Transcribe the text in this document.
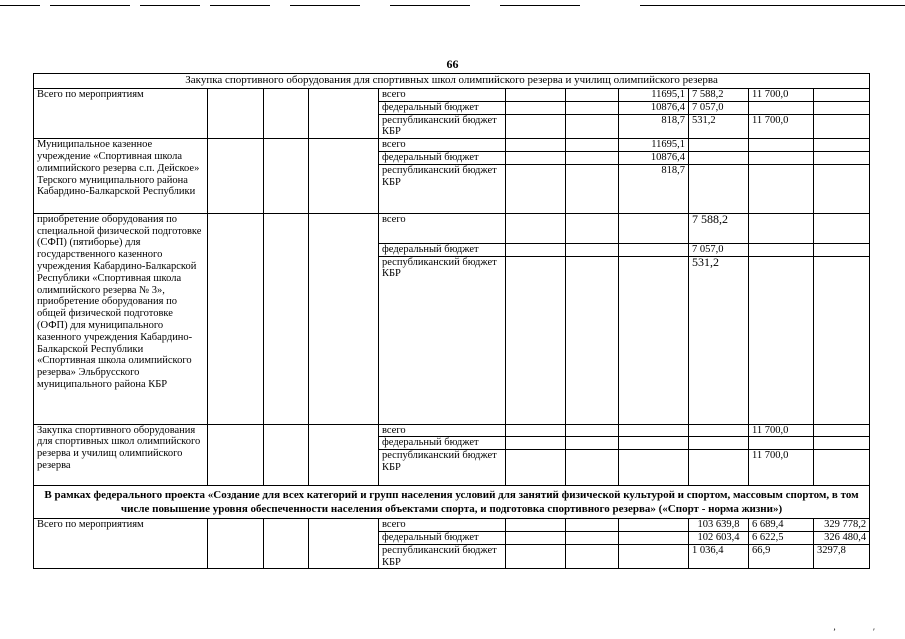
66
Закупка спортивного оборудования для спортивных школ олимпийского резерва и училищ олимпийского резерва										
Всего по мероприятиям				всего			11695,1	7 588,2	11 700,0	
				федеральный бюджет			10876,4	7 057,0		
				республиканский бюджет КБР			818,7	531,2	11 700,0	
Муниципальное казенное учреждение «Спортивная школа олимпийского резерва с.п. Дейское» Терского муниципального района Кабардино-Балкарской Республики				всего			11695,1			
				федеральный бюджет			10876,4			
				республиканский бюджет КБР			818,7			
приобретение оборудования по специальной физической подготовке (СФП) (пятиборье) для государственного казенного учреждения Кабардино-Балкарской Республики «Спортивная школа олимпийского резерва № 3», приобретение оборудования по общей физической подготовке (ОФП) для муниципального казенного учреждения Кабардино-Балкарской Республики «Спортивная школа олимпийского резерва» Эльбрусского муниципального района КБР				всего				7 588,2		
				федеральный бюджет				7 057,0		
				республиканский бюджет КБР				531,2		
Закупка спортивного оборудования для спортивных школ олимпийского резерва и училищ олимпийского резерва				всего					11 700,0	
				федеральный бюджет						
				республиканский бюджет КБР					11 700,0	
В рамках федерального проекта «Создание для всех категорий и групп населения условий для занятий физической культурой и спортом, массовым спортом, в том числе повышение уровня обеспеченности населения объектами спорта, и подготовка спортивного резерва» («Спорт - норма жизни»)										
Всего по мероприятиям				всего				103 639,8	6 689,4	329 778,2
				федеральный бюджет				102 603,4	6 622,5	326 480,4
				республиканский бюджет КБР				1 036,4	66,9	3297,8
’	′
